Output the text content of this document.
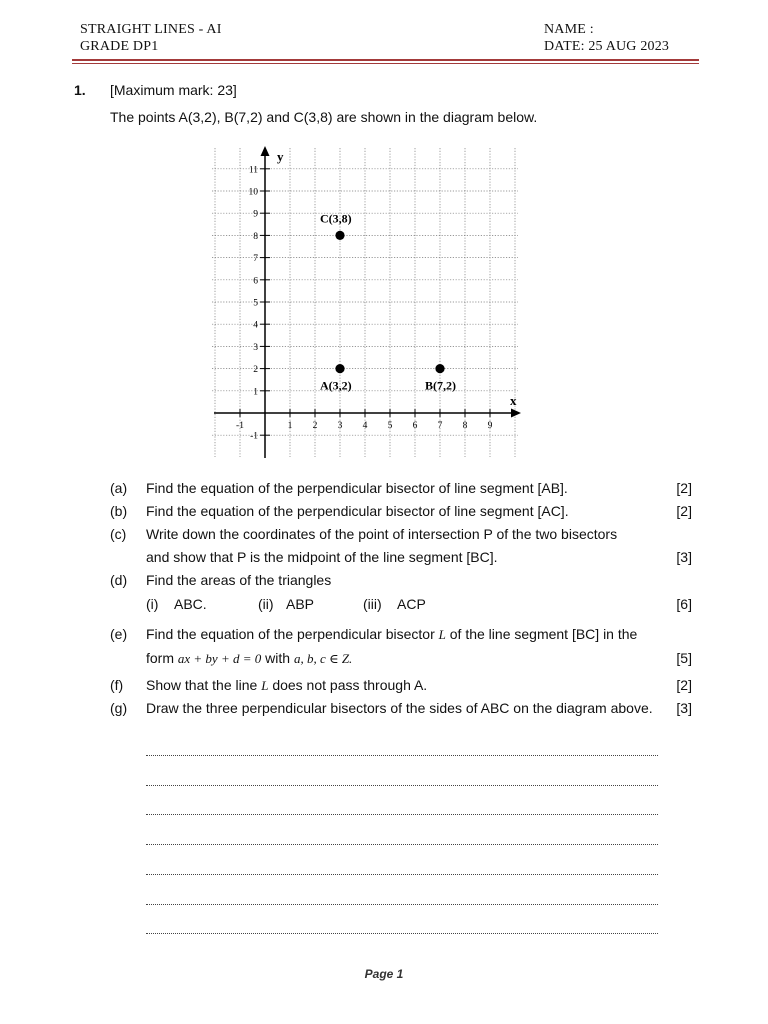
STRAIGHT LINES - AI
GRADE DP1
NAME :
DATE: 25 AUG 2023
1. [Maximum mark: 23]
The points A(3,2), B(7,2) and C(3,8) are shown in the diagram below.
x
y
-1	1 2 3 4 5 6 7 8 9
-1
1
2
3
4
5
6
7
8
9
10
11
A(3,2)	B(7,2)
C(3,8)
(a) Find the equation of the perpendicular bisector of line segment [AB].	[2]
(b) Find the equation of the perpendicular bisector of line segment [AC].	[2]
(c) Write down the coordinates of the point of intersection P of the two bisectors
and show that P is the midpoint of the line segment [BC].	[3]
(d) Find the areas of the triangles
(i) ABC.	(ii) ABP	(iii) ACP	[6]
(e) Find the equation of the perpendicular bisector L of the line segment [BC] in the
form ax + by + d = 0 with a, b, c ∈ Z.	[5]
(f) Show that the line L does not pass through A.	[2]
(g) Draw the three perpendicular bisectors of the sides of ABC on the diagram above. [3]
Page 1
